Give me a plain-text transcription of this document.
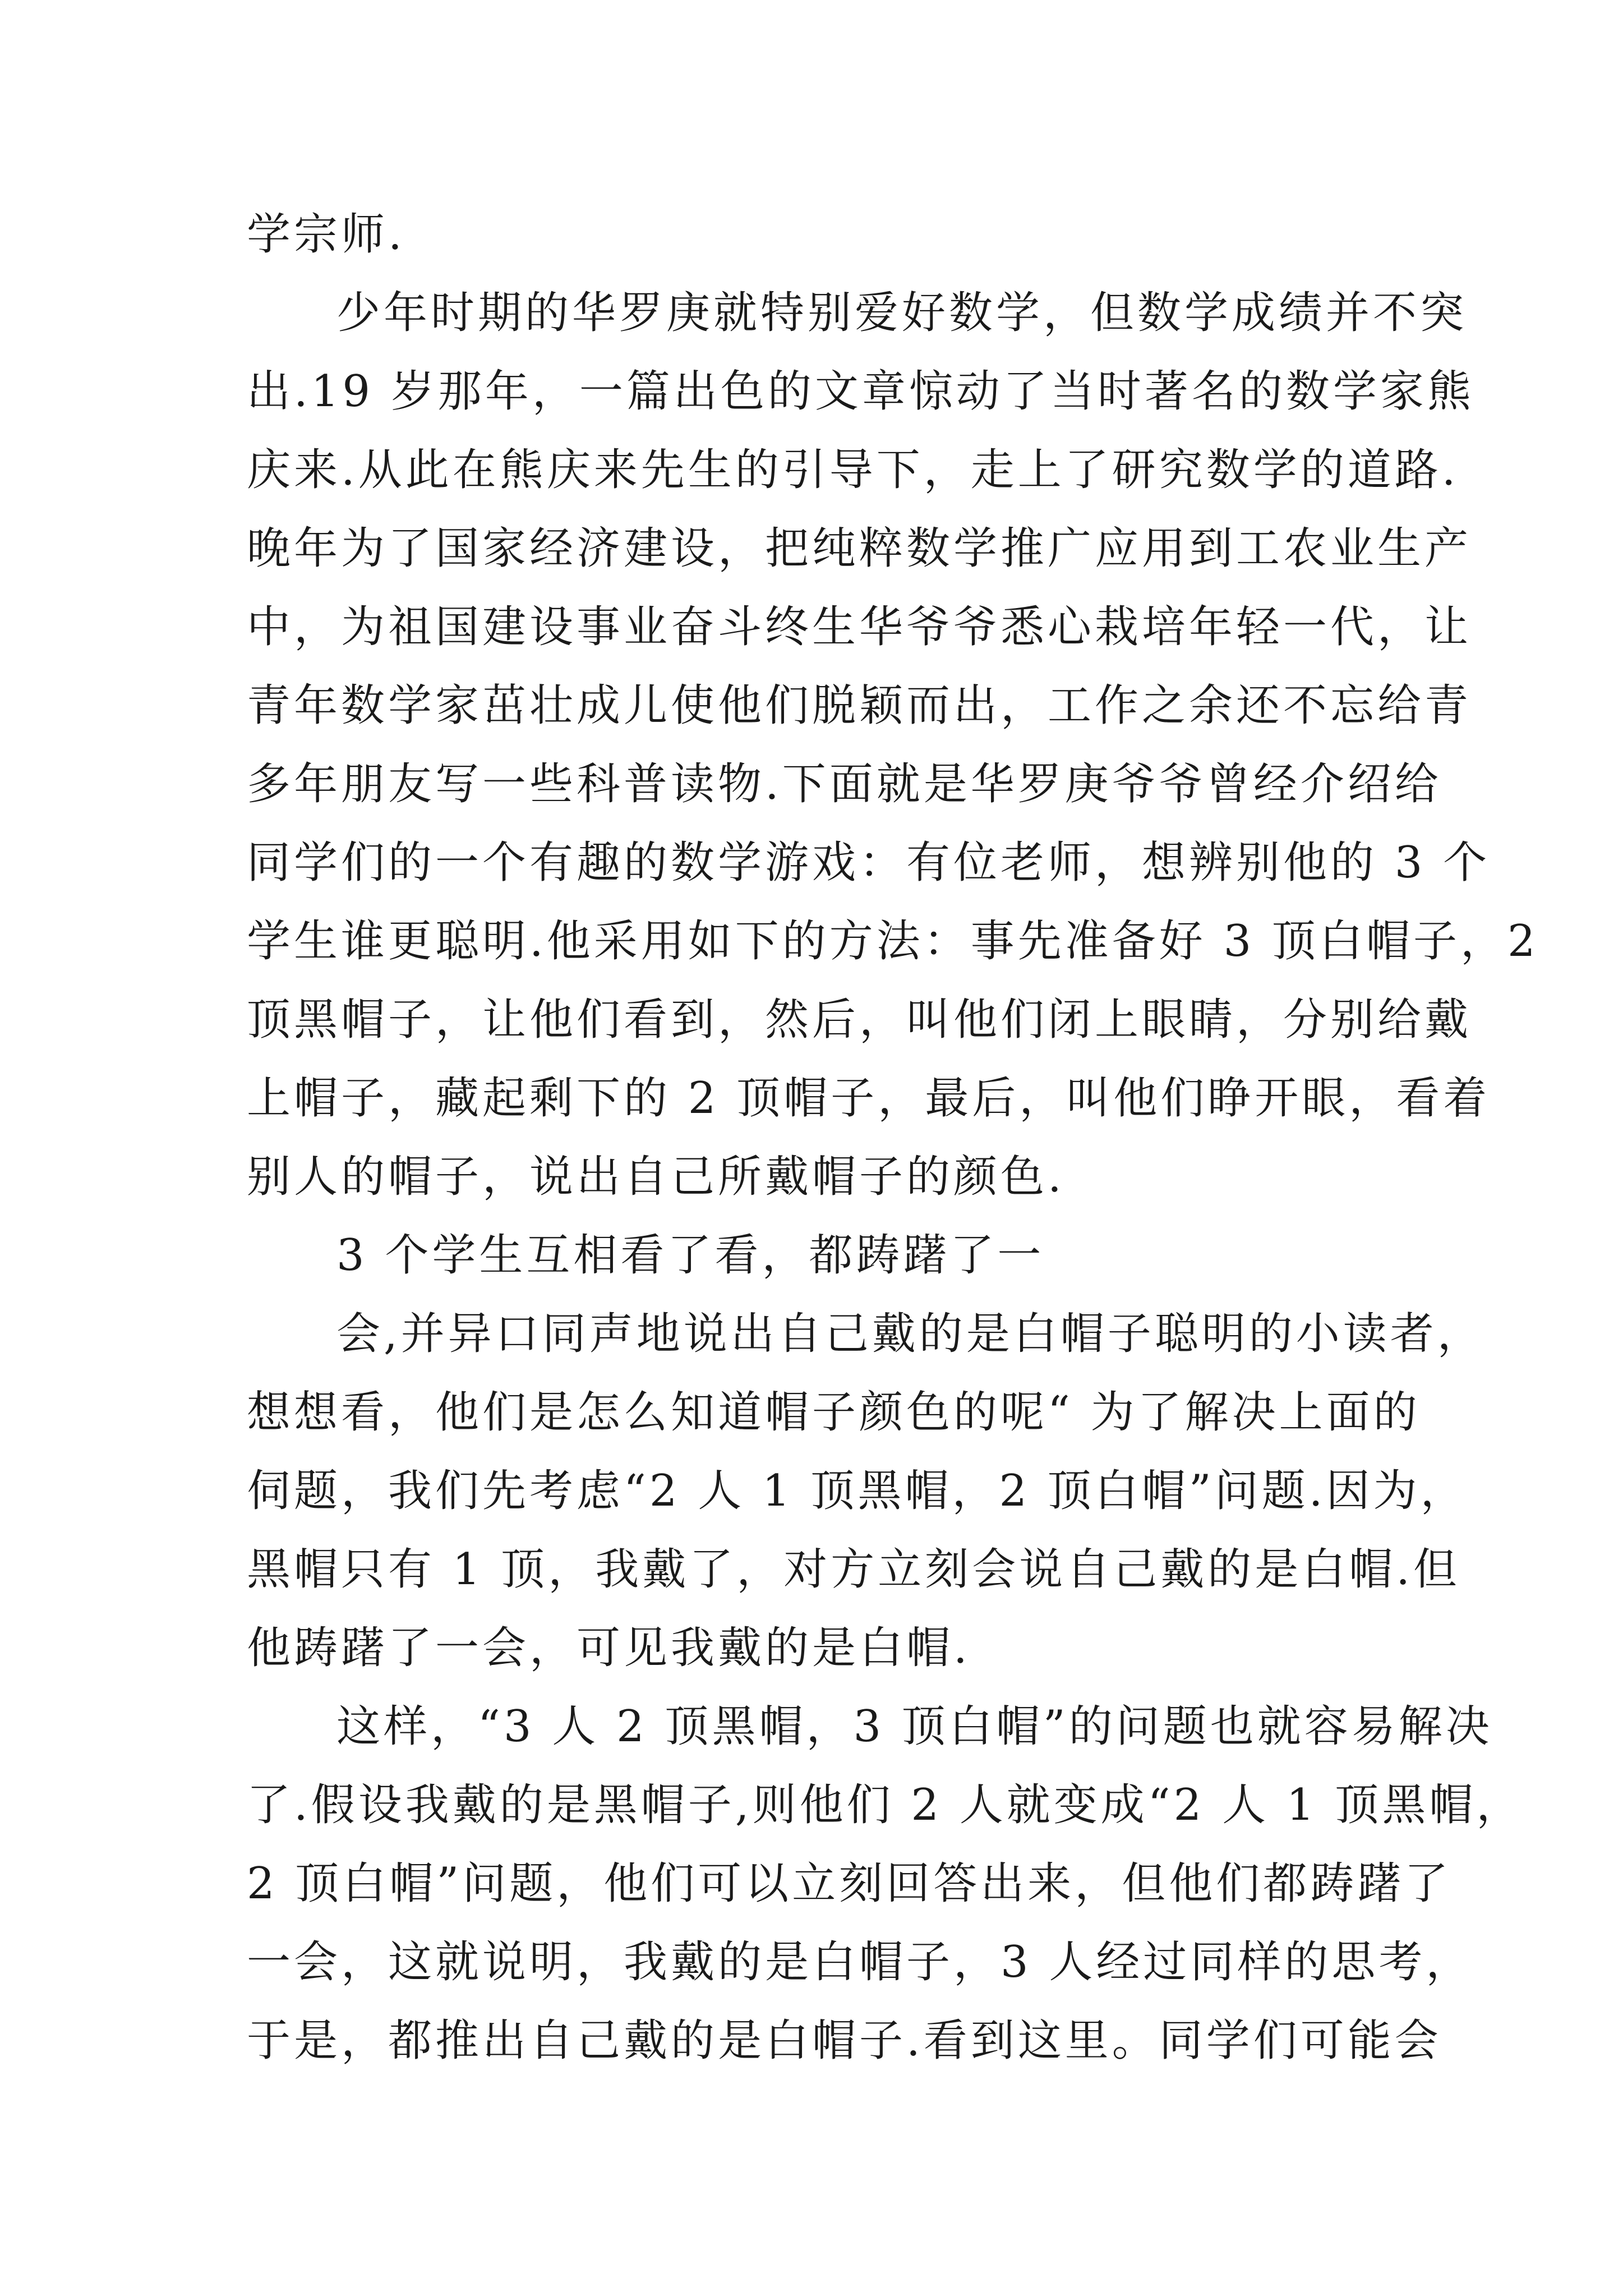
学宗师.
少年时期的华罗庚就特别爱好数学，但数学成绩并不突
出.19 岁那年，一篇出色的文章惊动了当时著名的数学家熊
庆来.从此在熊庆来先生的引导下，走上了研究数学的道路.
晚年为了国家经济建设，把纯粹数学推广应用到工农业生产
中，为祖国建设事业奋斗终生华爷爷悉心栽培年轻一代，让
青年数学家茁壮成儿使他们脱颖而出，工作之余还不忘给青
多年朋友写一些科普读物.下面就是华罗庚爷爷曾经介绍给
同学们的一个有趣的数学游戏：有位老师，想辨别他的 3 个
学生谁更聪明.他采用如下的方法：事先准备好 3 顶白帽子，2
顶黑帽子，让他们看到，然后，叫他们闭上眼睛，分别给戴
上帽子，藏起剩下的 2 顶帽子，最后，叫他们睁开眼，看着
别人的帽子，说出自己所戴帽子的颜色.
3 个学生互相看了看，都踌躇了一
会,并异口同声地说出自己戴的是白帽子聪明的小读者，
想想看，他们是怎么知道帽子颜色的呢“ 为了解决上面的
伺题，我们先考虑“2 人 1 顶黑帽，2 顶白帽”问题.因为，
黑帽只有 1 顶，我戴了，对方立刻会说自己戴的是白帽.但
他踌躇了一会，可见我戴的是白帽.
这样，“3 人 2 顶黑帽，3 顶白帽”的问题也就容易解决
了.假设我戴的是黑帽子,则他们 2 人就变成“2 人 1 顶黑帽，
2 顶白帽”问题，他们可以立刻回答出来，但他们都踌躇了
一会，这就说明，我戴的是白帽子，3 人经过同样的思考，
于是，都推出自己戴的是白帽子.看到这里。同学们可能会
